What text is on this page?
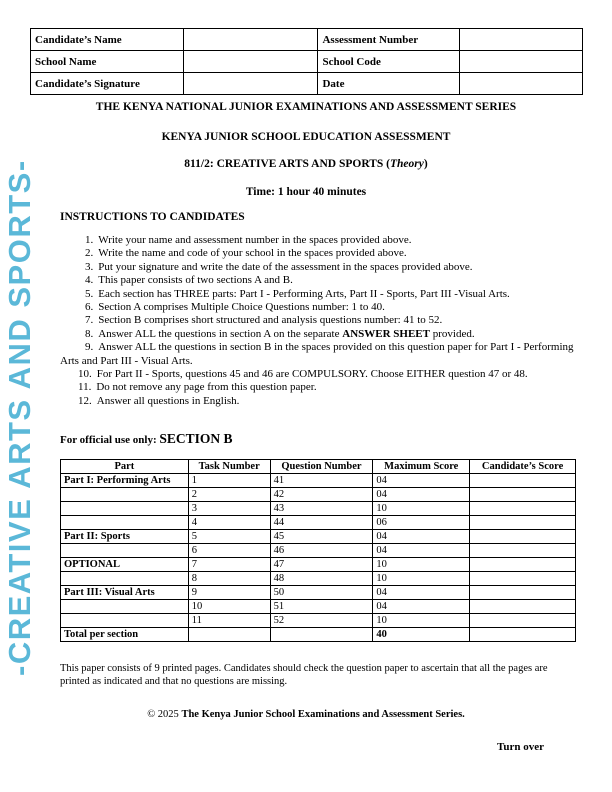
-CREATIVE ARTS AND SPORTS-
Candidate’s Name		Assessment Number	
School Name		School Code	
Candidate’s Signature		Date	
THE KENYA NATIONAL JUNIOR EXAMINATIONS AND ASSESSMENT SERIES
KENYA JUNIOR SCHOOL EDUCATION ASSESSMENT
811/2: CREATIVE ARTS AND SPORTS (Theory)
Time: 1 hour 40 minutes
INSTRUCTIONS TO CANDIDATES
1. Write your name and assessment number in the spaces provided above.
2. Write the name and code of your school in the spaces provided above.
3. Put your signature and write the date of the assessment in the spaces provided above.
4. This paper consists of two sections A and B.
5. Each section has THREE parts: Part I - Performing Arts, Part II - Sports, Part III -Visual Arts.
6. Section A comprises Multiple Choice Questions number: 1 to 40.
7. Section B comprises short structured and analysis questions number: 41 to 52.
8. Answer ALL the questions in section A on the separate ANSWER SHEET provided.
9. Answer ALL the questions in section B in the spaces provided on this question paper for Part I - Performing Arts and Part III - Visual Arts.
10. For Part II - Sports, questions 45 and 46 are COMPULSORY. Choose EITHER question 47 or 48.
11. Do not remove any page from this question paper.
12. Answer all questions in English.
For official use only: SECTION B
Part	Task Number	Question Number	Maximum Score	Candidate’s Score
Part I: Performing Arts	1	41	04	
	2	42	04	
	3	43	10	
	4	44	06	
Part II: Sports	5	45	04	
	6	46	04	
OPTIONAL	7	47	10	
	8	48	10	
Part III: Visual Arts	9	50	04	
	10	51	04	
	11	52	10	
Total per section			40	
This paper consists of 9 printed pages. Candidates should check the question paper to ascertain that all the pages are printed as indicated and that no questions are missing.
© 2025 The Kenya Junior School Examinations and Assessment Series.
Turn over
